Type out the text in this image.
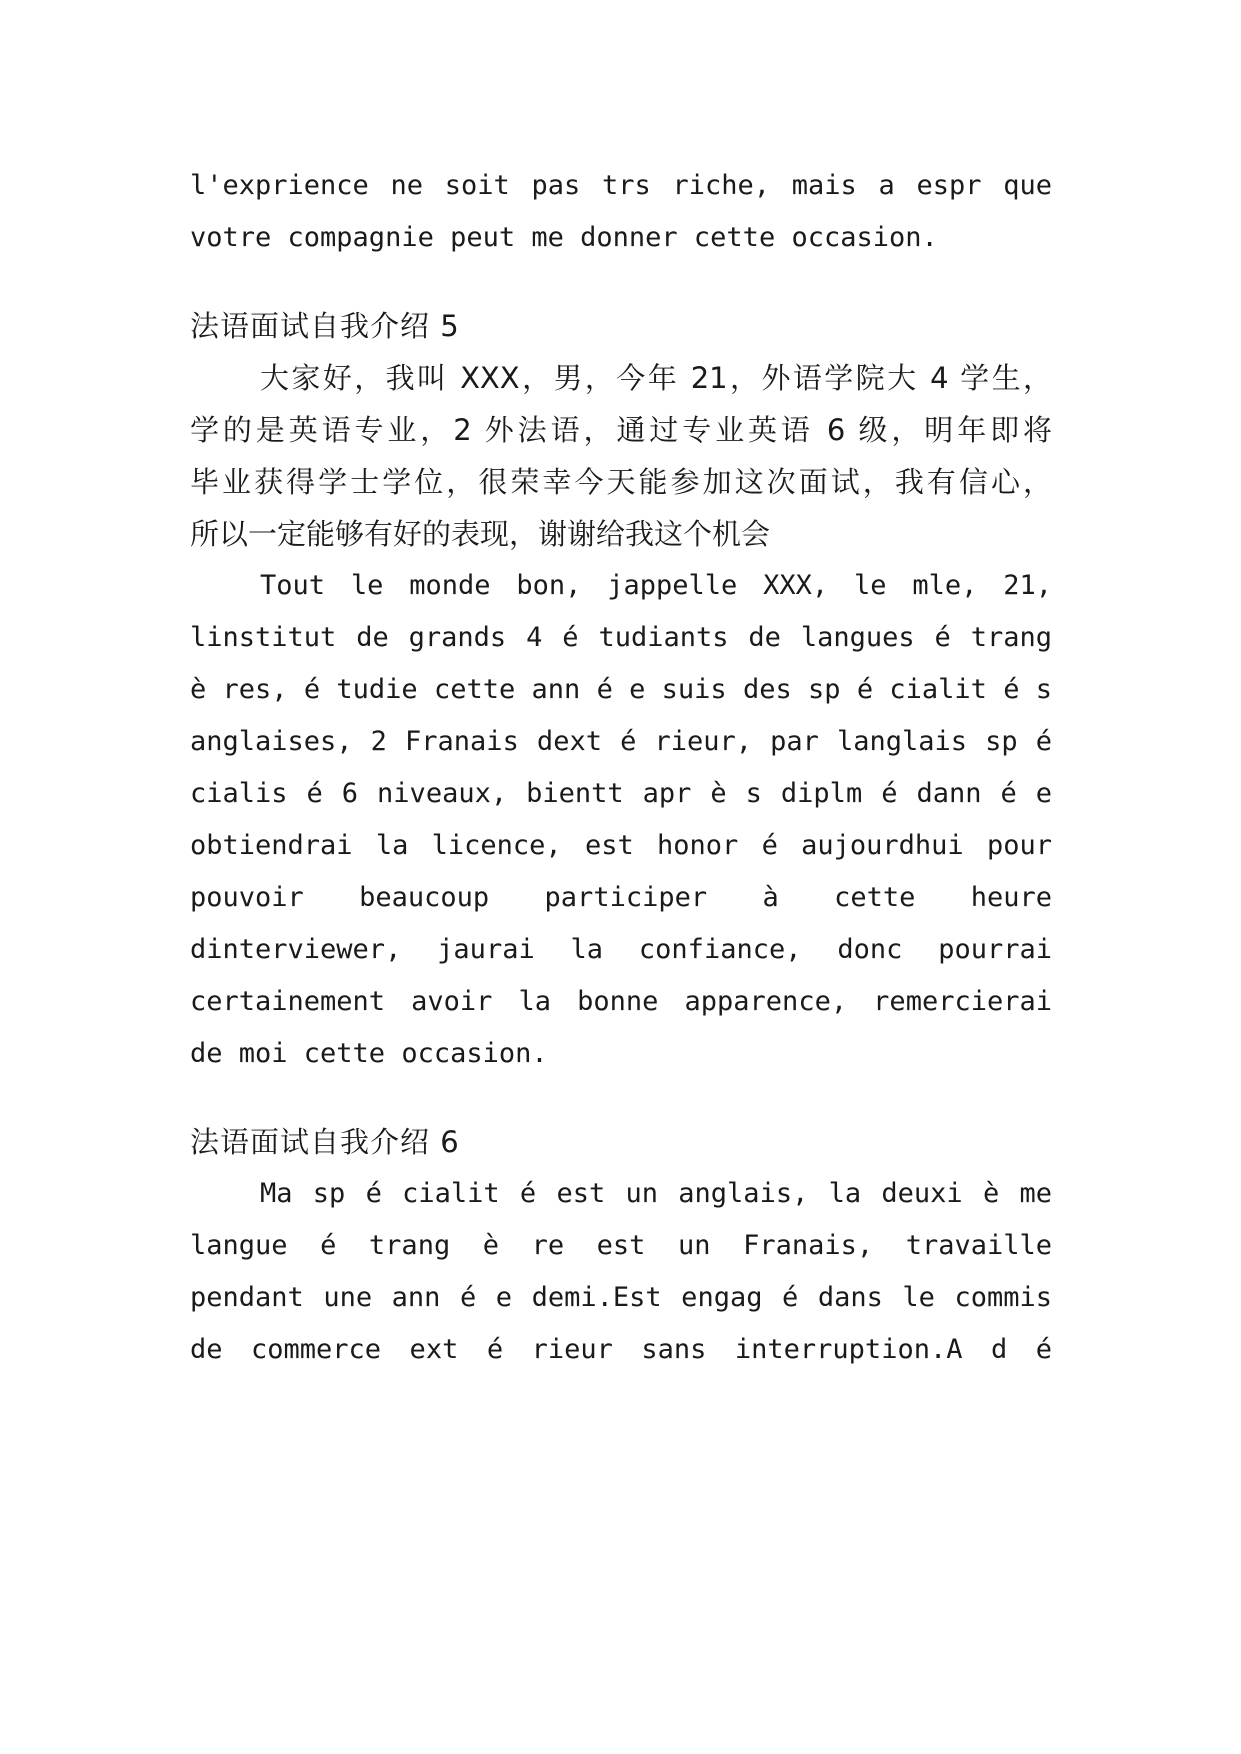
l'exprience ne soit pas trs riche, mais a espr que
votre compagnie peut me donner cette occasion.
法语面试自我介绍 5
大家好，我叫 XXX，男，今年 21，外语学院大 4 学生，
学的是英语专业，2 外法语，通过专业英语 6 级，明年即将
毕业获得学士学位，很荣幸今天能参加这次面试，我有信心，
所以一定能够有好的表现，谢谢给我这个机会
Tout le monde bon, jappelle XXX, le mle, 21,
linstitut de grands 4 é tudiants de langues é trang
è res, é tudie cette ann é e suis des sp é cialit é s
anglaises, 2 Franais dext é rieur, par langlais sp é
cialis é 6 niveaux, bientt apr è s diplm é dann é e
obtiendrai la licence, est honor é aujourdhui pour
pouvoir beaucoup participer à cette heure
dinterviewer, jaurai la confiance, donc pourrai
certainement avoir la bonne apparence, remercierai
de moi cette occasion.
法语面试自我介绍 6
Ma sp é cialit é est un anglais, la deuxi è me
langue é trang è re est un Franais, travaille
pendant une ann é e demi.Est engag é dans le commis
de commerce ext é rieur sans interruption.A d é
